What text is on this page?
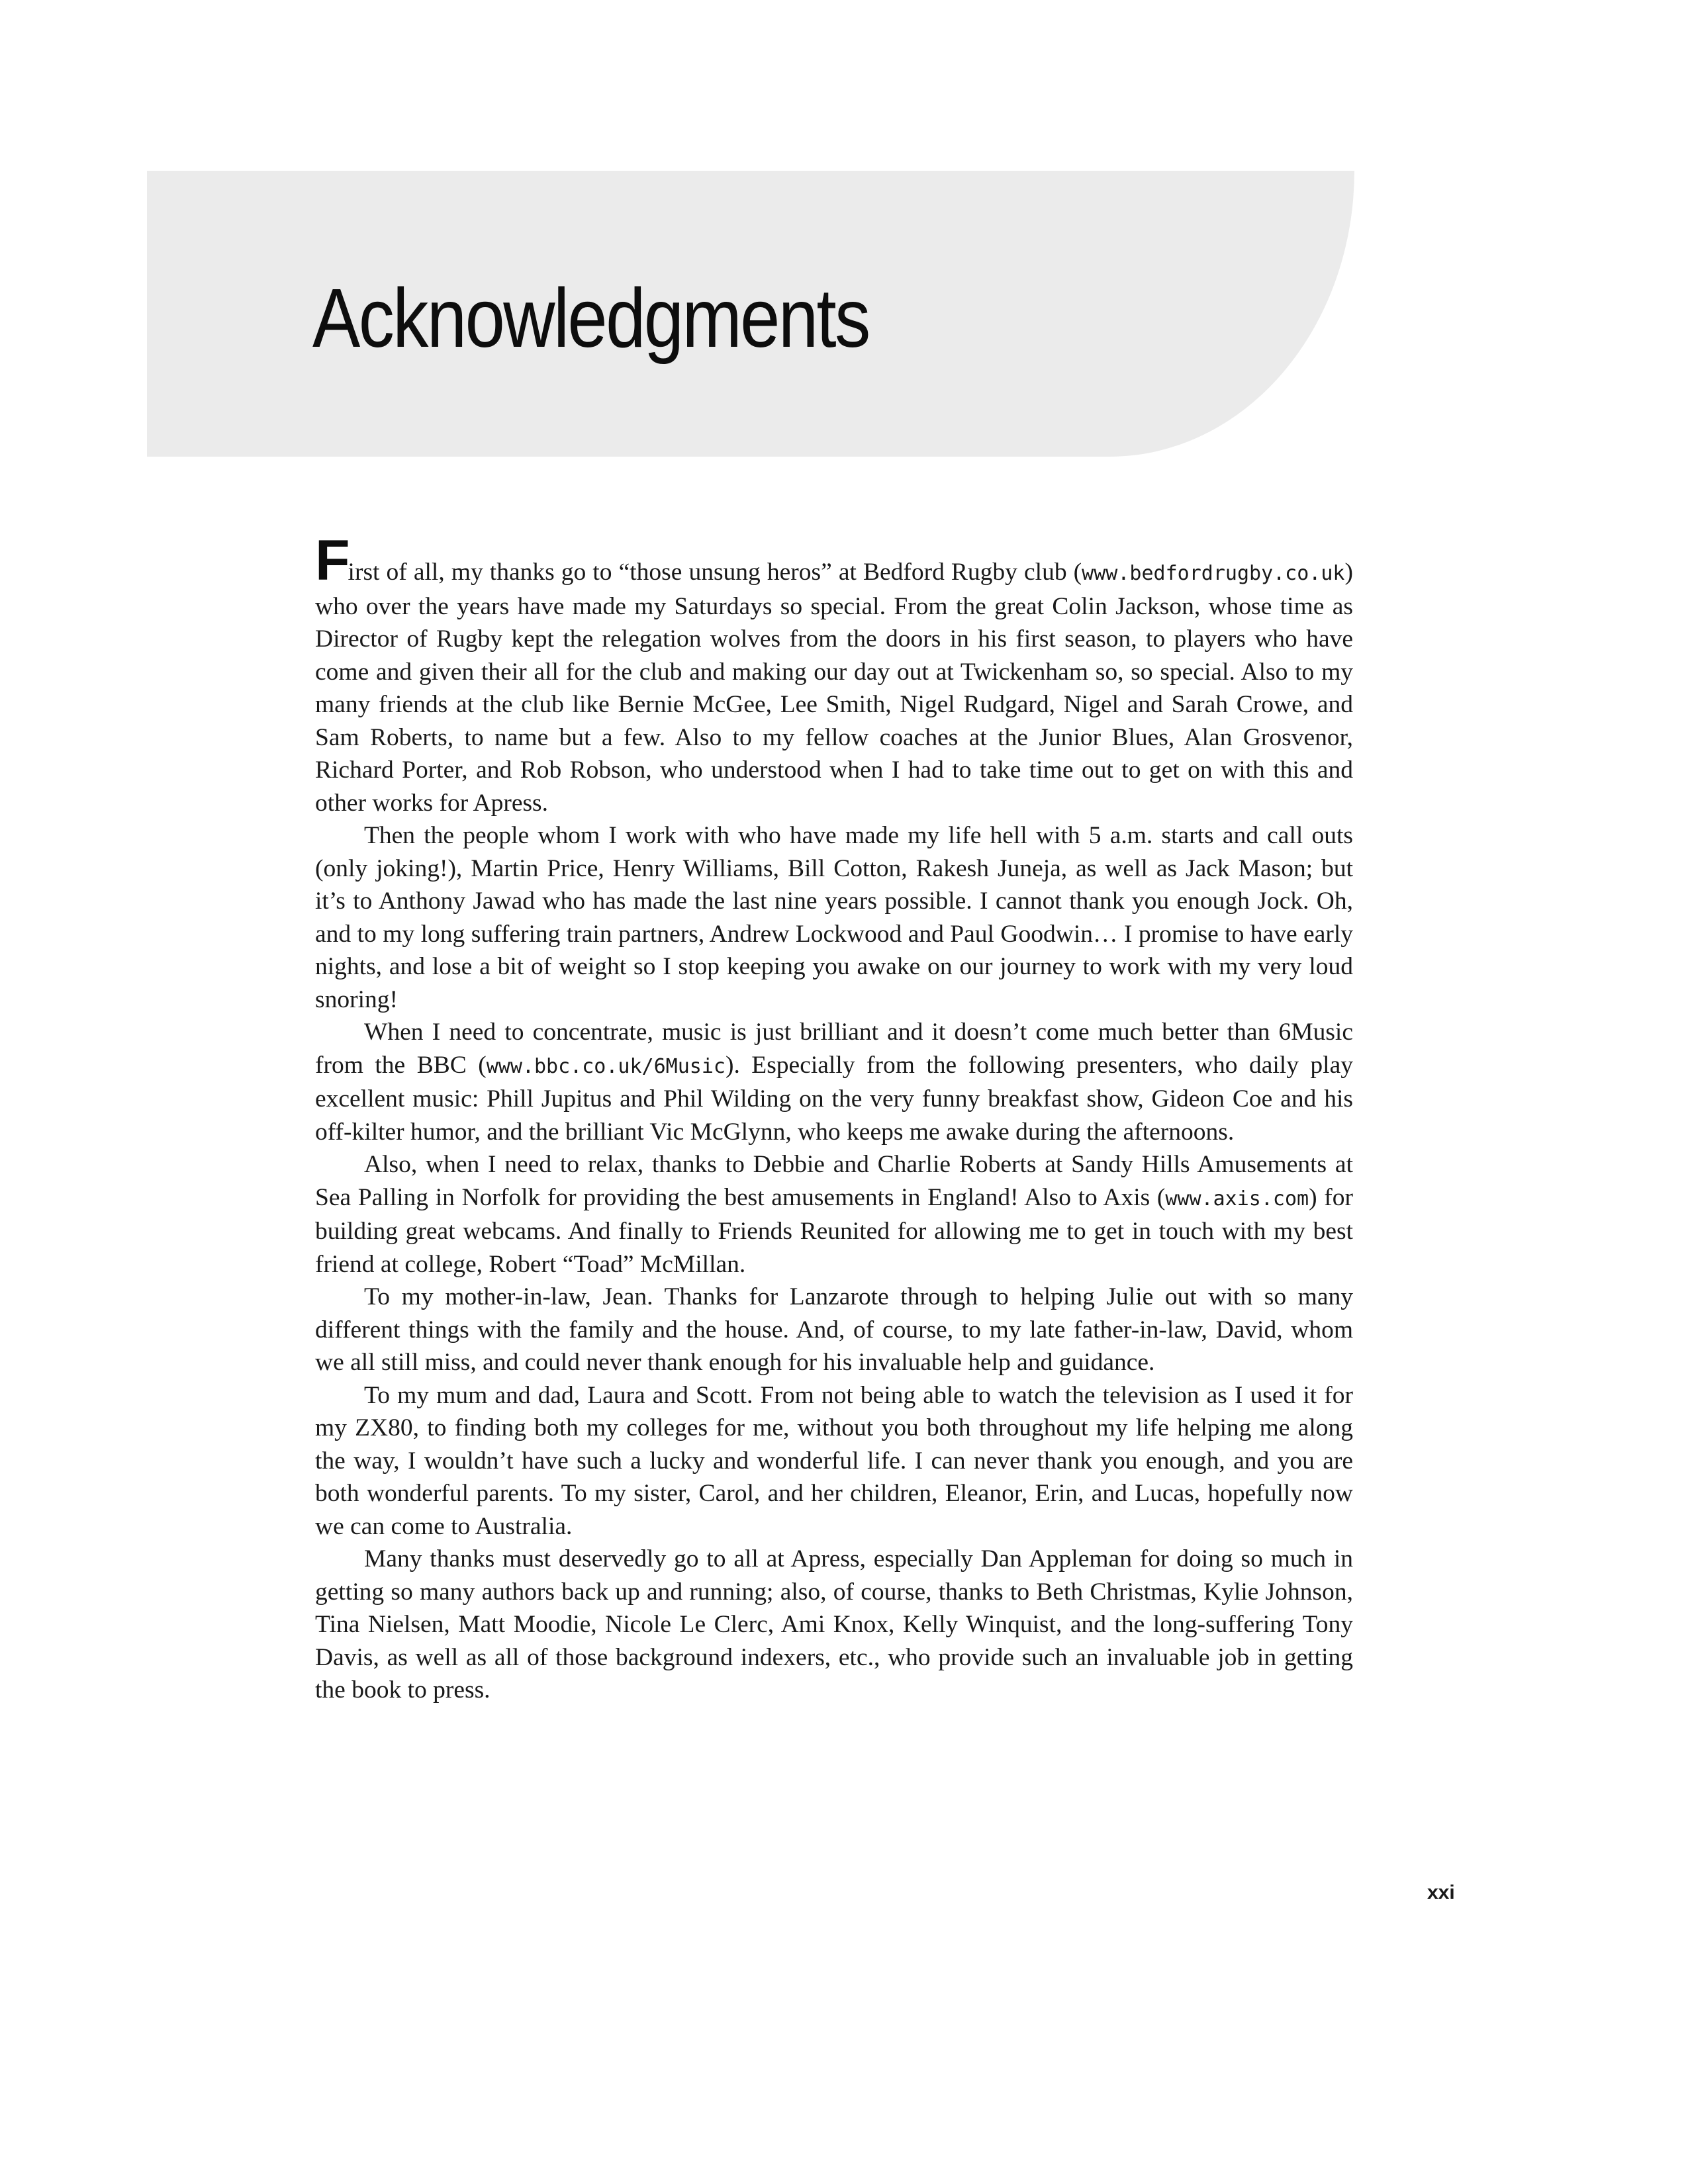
Acknowledgments

First of all, my thanks go to “those unsung heros” at Bedford Rugby club (www.bedfordrugby.co.uk) who over the years have made my Saturdays so special. From the great Colin Jackson, whose time as Director of Rugby kept the relegation wolves from the doors in his first season, to players who have come and given their all for the club and making our day out at Twickenham so, so special. Also to my many friends at the club like Bernie McGee, Lee Smith, Nigel Rudgard, Nigel and Sarah Crowe, and Sam Roberts, to name but a few. Also to my fellow coaches at the Junior Blues, Alan Grosvenor, Richard Porter, and Rob Robson, who understood when I had to take time out to get on with this and other works for Apress.

Then the people whom I work with who have made my life hell with 5 a.m. starts and call outs (only joking!), Martin Price, Henry Williams, Bill Cotton, Rakesh Juneja, as well as Jack Mason; but it’s to Anthony Jawad who has made the last nine years possible. I cannot thank you enough Jock. Oh, and to my long suffering train partners, Andrew Lockwood and Paul Goodwin… I promise to have early nights, and lose a bit of weight so I stop keeping you awake on our journey to work with my very loud snoring!

When I need to concentrate, music is just brilliant and it doesn’t come much better than 6Music from the BBC (www.bbc.co.uk/6Music). Especially from the following presenters, who daily play excellent music: Phill Jupitus and Phil Wilding on the very funny breakfast show, Gideon Coe and his off-kilter humor, and the brilliant Vic McGlynn, who keeps me awake during the afternoons.

Also, when I need to relax, thanks to Debbie and Charlie Roberts at Sandy Hills Amusements at Sea Palling in Norfolk for providing the best amusements in England! Also to Axis (www.axis.com) for building great webcams. And finally to Friends Reunited for allowing me to get in touch with my best friend at college, Robert “Toad” McMillan.

To my mother-in-law, Jean. Thanks for Lanzarote through to helping Julie out with so many different things with the family and the house. And, of course, to my late father-in-law, David, whom we all still miss, and could never thank enough for his invaluable help and guidance.

To my mum and dad, Laura and Scott. From not being able to watch the television as I used it for my ZX80, to finding both my colleges for me, without you both throughout my life helping me along the way, I wouldn’t have such a lucky and wonderful life. I can never thank you enough, and you are both wonderful parents. To my sister, Carol, and her children, Eleanor, Erin, and Lucas, hopefully now we can come to Australia.

Many thanks must deservedly go to all at Apress, especially Dan Appleman for doing so much in getting so many authors back up and running; also, of course, thanks to Beth Christmas, Kylie Johnson, Tina Nielsen, Matt Moodie, Nicole Le Clerc, Ami Knox, Kelly Winquist, and the long-suffering Tony Davis, as well as all of those background indexers, etc., who provide such an invaluable job in getting the book to press.

xxi
